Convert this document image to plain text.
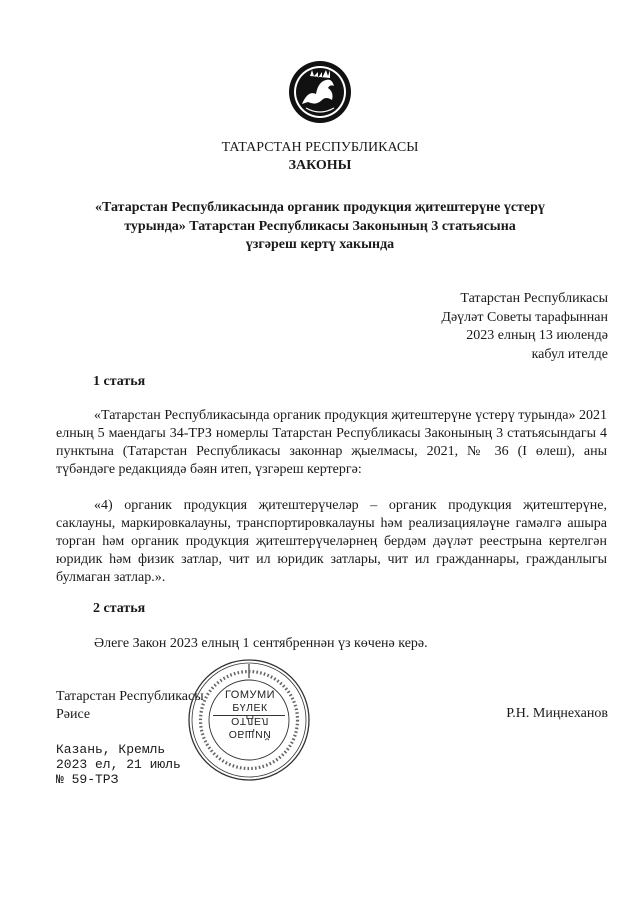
ТАТАРСТАН РЕСПУБЛИКАСЫ
ЗАКОНЫ
«Татарстан Республикасында органик продукция җитештерүне үстерү
турында» Татарстан Республикасы Законының 3 статьясына
үзгәреш кертү хакында
Татарстан Республикасы
Дәүләт Советы тарафыннан
2023 елның 13 июлендә
кабул ителде
1 статья

«Татарстан Республикасында органик продукция җитештерүне үстерү турында» 2021 елның 5 маендагы 34-ТРЗ номерлы Татарстан Республикасы Законының 3 статьясындагы 4 пунктына (Татарстан Республикасы законнар җыелмасы, 2021, № 36 (I өлеш), аны түбәндәге редакциядә бәян итеп, үзгәреш кертергә:

«4) органик продукция җитештерүчеләр – органик продукция җитештерүне, саклауны, маркировкалауны, транспортировкалауны һәм реализацияләүне гамәлгә ашыра торган һәм органик продукция җитештерүчеләрнең бердәм дәүләт реестрына кертелгән юридик һәм физик затлар, чит ил юридик затлары, чит ил гражданнары, гражданлыгы булмаган затлар.».

2 статья

Әлеге Закон 2023 елның 1 сентябреннән үз көченә керә.

Татарстан Республикасы
Рәисе	Р.Н. Миңнеханов
Казань, Кремль
2023 ел, 21 июль
№ 59-ТРЗ
ГОМУМИ
БҮЛЕК
ОТДЕЛ
ОБЩИЙ
